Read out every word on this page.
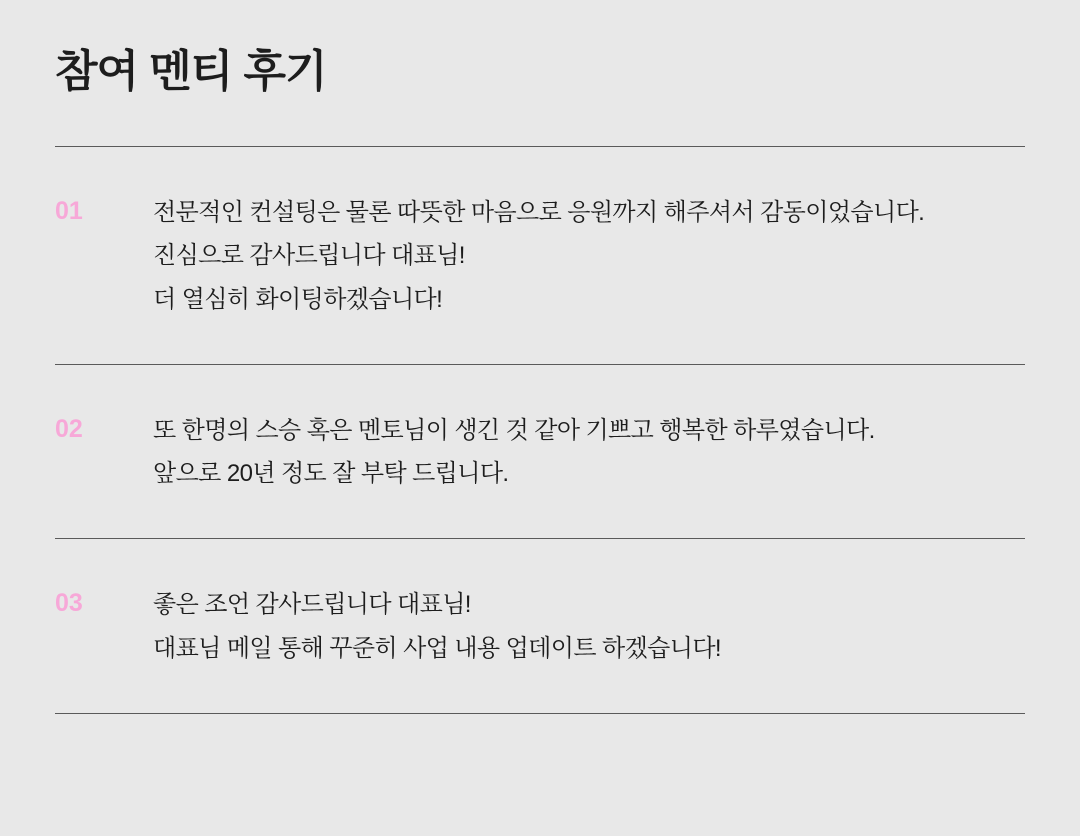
참여 멘티 후기
01	전문적인 컨설팅은 물론 따뜻한 마음으로 응원까지 해주셔서 감동이었습니다.
진심으로 감사드립니다 대표님!
더 열심히 화이팅하겠습니다!
02	또 한명의 스승 혹은 멘토님이 생긴 것 같아 기쁘고 행복한 하루였습니다.
앞으로 20년 정도 잘 부탁 드립니다.
03	좋은 조언 감사드립니다 대표님!
대표님 메일 통해 꾸준히 사업 내용 업데이트 하겠습니다!
